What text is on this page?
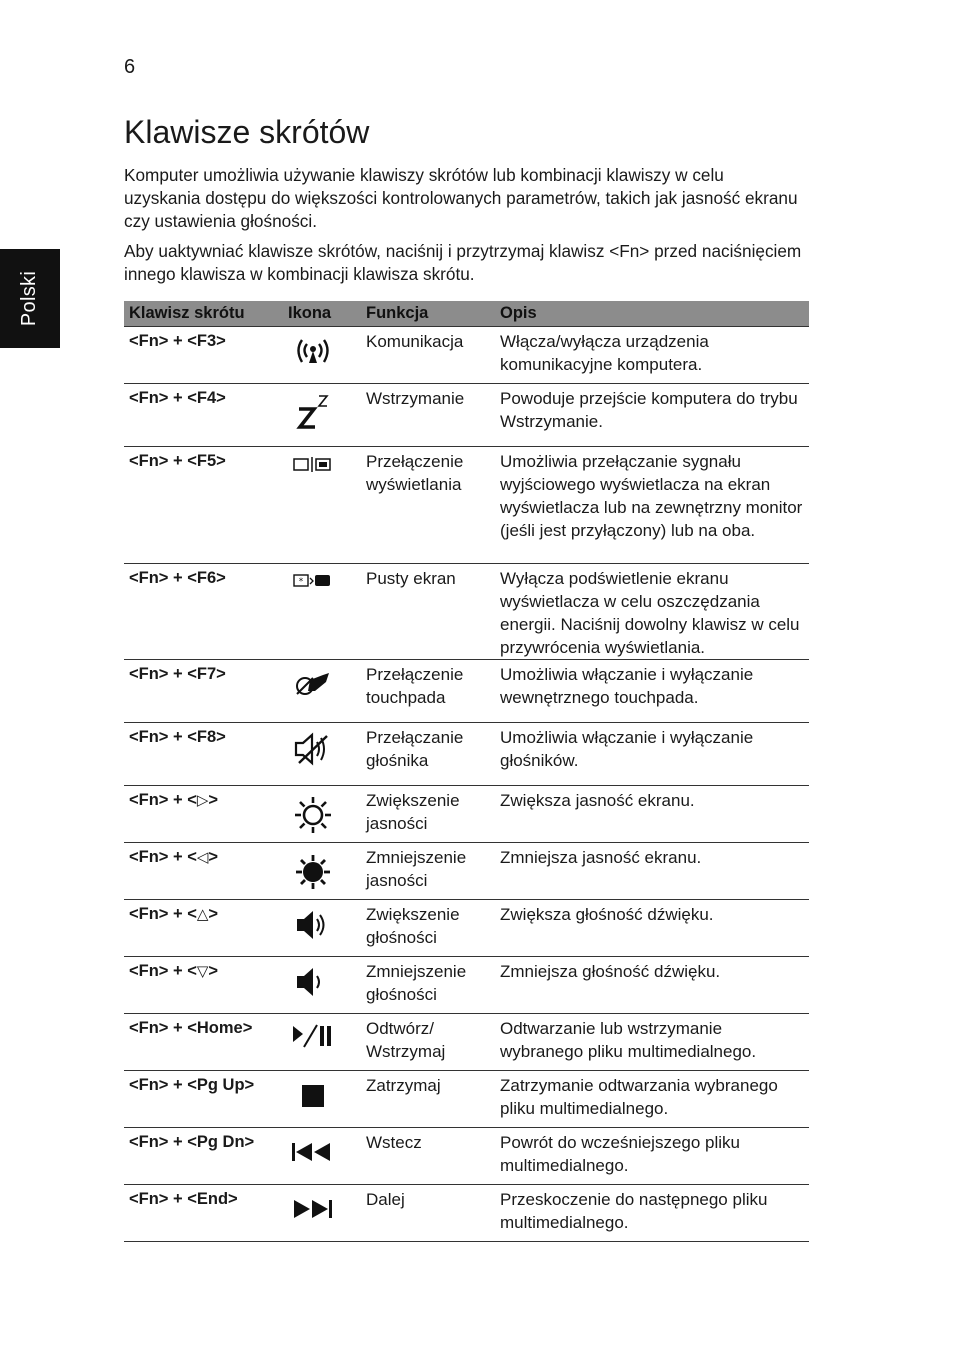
6
Polski
Klawisze skrótów

Komputer umożliwia używanie klawiszy skrótów lub kombinacji klawiszy w celu uzyskania dostępu do większości kontrolowanych parametrów, takich jak jasność ekranu czy ustawienia głośności.

Aby uaktywniać klawisze skrótów, naciśnij i przytrzymaj klawisz <Fn> przed naciśnięciem innego klawisza w kombinacji klawisza skrótu.

Klawisz skrótu	Ikona	Funkcja	Opis
<Fn> + <F3>		Komunikacja	Włącza/wyłącza urządzenia komunikacyjne komputera.
<Fn> + <F4>		Wstrzymanie	Powoduje przejście komputera do trybu Wstrzymanie.
<Fn> + <F5>		Przełączenie wyświetlania	Umożliwia przełączanie sygnału wyjściowego wyświetlacza na ekran wyświetlacza lub na zewnętrzny monitor (jeśli jest przyłączony) lub na oba.
<Fn> + <F6>	*	Pusty ekran	Wyłącza podświetlenie ekranu wyświetlacza w celu oszczędzania energii. Naciśnij dowolny klawisz w celu przywrócenia wyświetlania.
<Fn> + <F7>		Przełączenie touchpada	Umożliwia włączanie i wyłączanie wewnętrznego touchpada.
<Fn> + <F8>		Przełączanie głośnika	Umożliwia włączanie i wyłączanie głośników.
<Fn> + <▷>		Zwiększenie jasności	Zwiększa jasność ekranu.
<Fn> + <◁>		Zmniejszenie jasności	Zmniejsza jasność ekranu.
<Fn> + <△>		Zwiększenie głośności	Zwiększa głośność dźwięku.
<Fn> + <▽>		Zmniejszenie głośności	Zmniejsza głośność dźwięku.
<Fn> + <Home>		Odtwórz/ Wstrzymaj	Odtwarzanie lub wstrzymanie wybranego pliku multimedialnego.
<Fn> + <Pg Up>		Zatrzymaj	Zatrzymanie odtwarzania wybranego pliku multimedialnego.
<Fn> + <Pg Dn>		Wstecz	Powrót do wcześniejszego pliku multimedialnego.
<Fn> + <End>		Dalej	Przeskoczenie do następnego pliku multimedialnego.
